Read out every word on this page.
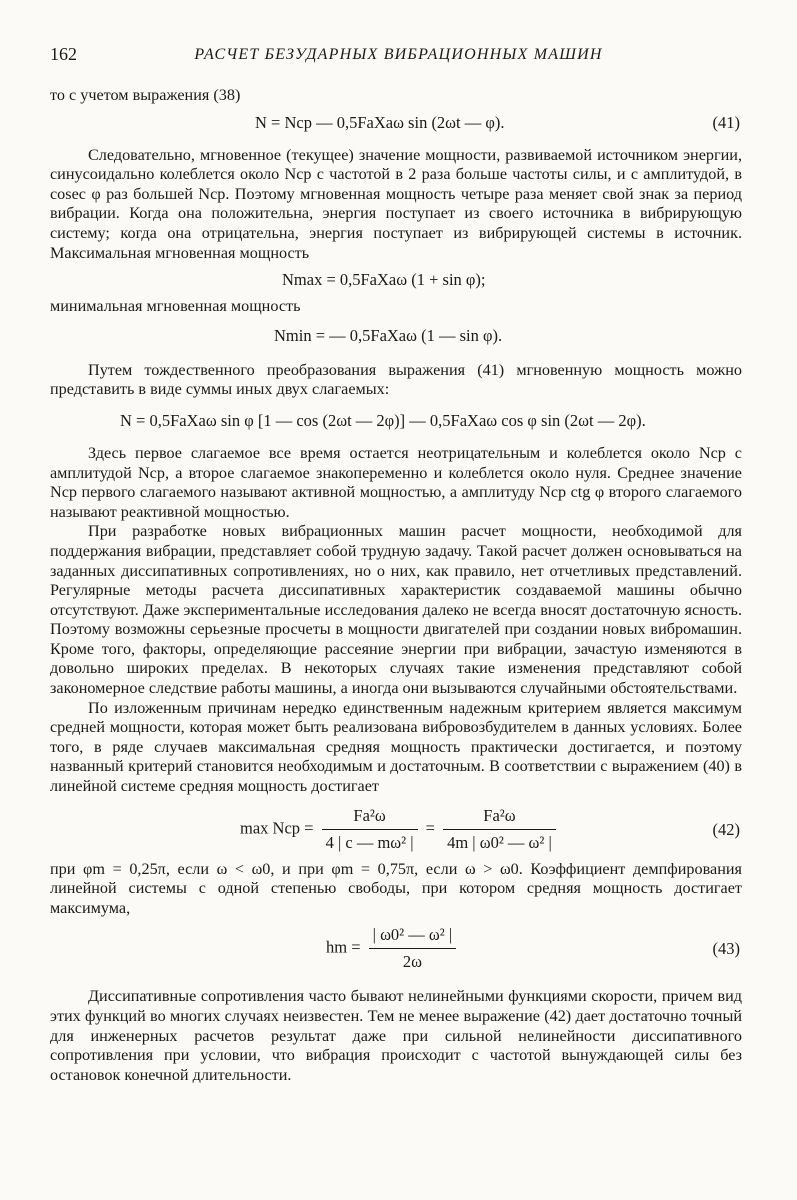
162	РАСЧЕТ БЕЗУДАРНЫХ ВИБРАЦИОННЫХ МАШИН

то с учетом выражения (38)

N = Nср — 0,5FаXаω sin (2ωt — φ).	(41)

Следовательно, мгновенное (текущее) значение мощности, развиваемой источником энергии, синусоидально колеблется около Nср с частотой в 2 раза больше частоты силы, и с амплитудой, в cosec φ раз большей Nср. Поэтому мгновенная мощность четыре раза меняет свой знак за период вибрации. Когда она положительна, энергия поступает из своего источника в вибрирующую систему; когда она отрицательна, энергия поступает из вибрирующей системы в источник. Максимальная мгновенная мощность

Nmax = 0,5FаXаω (1 + sin φ);

минимальная мгновенная мощность

Nmin = — 0,5FаXаω (1 — sin φ).

Путем тождественного преобразования выражения (41) мгновенную мощность можно представить в виде суммы иных двух слагаемых:

N = 0,5FаXаω sin φ [1 — cos (2ωt — 2φ)] — 0,5FаXаω cos φ sin (2ωt — 2φ).

Здесь первое слагаемое все время остается неотрицательным и колеблется около Nср с амплитудой Nср, а второе слагаемое знакопеременно и колеблется около нуля. Среднее значение Nср первого слагаемого называют активной мощностью, а амплитуду Nср ctg φ второго слагаемого называют реактивной мощностью.

При разработке новых вибрационных машин расчет мощности, необходимой для поддержания вибрации, представляет собой трудную задачу. Такой расчет должен основываться на заданных диссипативных сопротивлениях, но о них, как правило, нет отчетливых представлений. Регулярные методы расчета диссипативных характеристик создаваемой машины обычно отсутствуют. Даже экспериментальные исследования далеко не всегда вносят достаточную ясность. Поэтому возможны серьезные просчеты в мощности двигателей при создании новых вибромашин. Кроме того, факторы, определяющие рассеяние энергии при вибрации, зачастую изменяются в довольно широких пределах. В некоторых случаях такие изменения представляют собой закономерное следствие работы машины, а иногда они вызываются случайными обстоятельствами.

По изложенным причинам нередко единственным надежным критерием является максимум средней мощности, которая может быть реализована вибровозбудителем в данных условиях. Более того, в ряде случаев максимальная средняя мощность практически достигается, и поэтому названный критерий становится необходимым и достаточным. В соответствии с выражением (40) в линейной системе средняя мощность достигает

max Nср = $\frac{\text{Fа²ω}}{\text{4 | c — mω² |}} = \frac{\text{Fа²ω}}{\text{4m | ω0² — ω² |}}$	(42)

при φm = 0,25π, если ω < ω0, и при φm = 0,75π, если ω > ω0. Коэффициент демпфирования линейной системы с одной степенью свободы, при котором средняя мощность достигает максимума,

hm = $\frac{\text{| ω0² — ω² |}}{2\omega}$	(43)

Диссипативные сопротивления часто бывают нелинейными функциями скорости, причем вид этих функций во многих случаях неизвестен. Тем не менее выражение (42) дает достаточно точный для инженерных расчетов результат даже при сильной нелинейности диссипативного сопротивления при условии, что вибрация происходит с частотой вынуждающей силы без остановок конечной длительности.
